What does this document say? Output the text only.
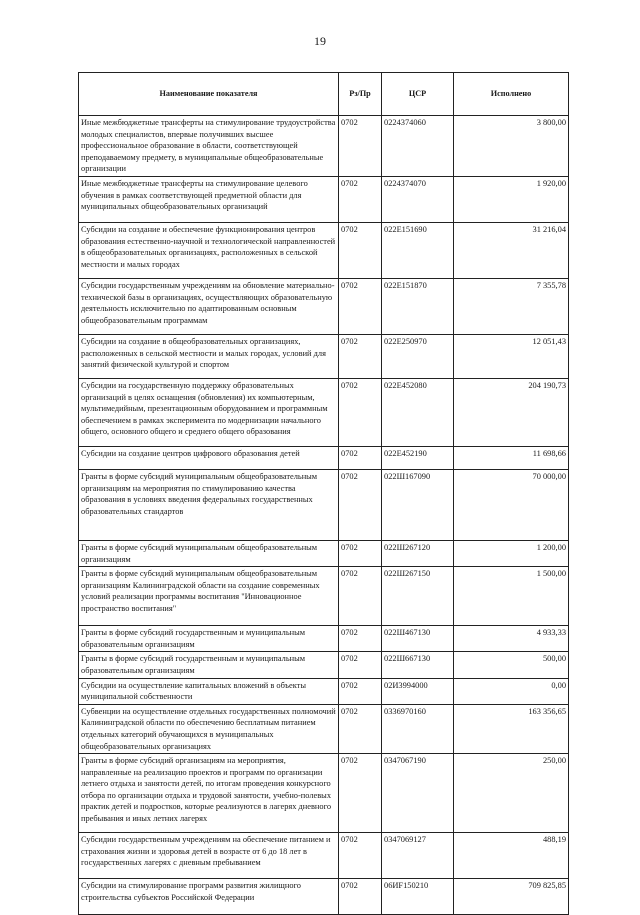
19
Наименование показателя	Рз/Пр	ЦСР	Исполнено
Иные межбюджетные трансферты на стимулирование трудоустройства молодых специалистов, впервые получивших высшее профессиональное образование в области, соответствующей преподаваемому предмету, в муниципальные общеобразовательные организации	0702	0224374060	3 800,00
Иные межбюджетные трансферты на стимулирование целевого обучения в рамках соответствующей предметной области для муниципальных общеобразовательных организаций	0702	0224374070	1 920,00
Субсидии на создание и обеспечение функционирования центров образования естественно-научной и технологической направленностей в общеобразовательных организациях, расположенных в сельской местности и малых городах	0702	022E151690	31 216,04
Субсидии государственным учреждениям на обновление материально-технической базы в организациях, осуществляющих образовательную деятельность исключительно по адаптированным основным общеобразовательным программам	0702	022E151870	7 355,78
Субсидии на создание в общеобразовательных организациях, расположенных в сельской местности и малых городах, условий для занятий физической культурой и спортом	0702	022E250970	12 051,43
Субсидии на государственную поддержку образовательных организаций в целях оснащения (обновления) их компьютерным, мультимедийным, презентационным оборудованием и программным обеспечением в рамках эксперимента по модернизации начального общего, основного общего и среднего общего образования	0702	022E452080	204 190,73
Субсидии на создание центров цифрового образования детей	0702	022E452190	11 698,66
Гранты в форме субсидий муниципальным общеобразовательным организациям на мероприятия по стимулированию качества образования в условиях введения федеральных государственных образовательных стандартов	0702	022Ш167090	70 000,00
Гранты в форме субсидий муниципальным общеобразовательным организациям	0702	022Ш267120	1 200,00
Гранты в форме субсидий муниципальным общеобразовательным организациям Калининградской области на создание современных условий реализации программы воспитания "Инновационное пространство воспитания"	0702	022Ш267150	1 500,00
Гранты в форме субсидий государственным и муниципальным образовательным организациям	0702	022Ш467130	4 933,33
Гранты в форме субсидий государственным и муниципальным образовательным организациям	0702	022Ш667130	500,00
Субсидии на осуществление капитальных вложений в объекты муниципальной собственности	0702	02И3994000	0,00
Субвенции на осуществление отдельных государственных полномочий Калининградской области по обеспечению бесплатным питанием отдельных категорий обучающихся в муниципальных общеобразовательных организациях	0702	0336970160	163 356,65
Гранты в форме субсидий организациям на мероприятия, направленные на реализацию проектов и программ по организации летнего отдыха и занятости детей, по итогам проведения конкурсного отбора по организации отдыха и трудовой занятости, учебно-полевых практик детей и подростков, которые реализуются в лагерях дневного пребывания и иных летних лагерях	0702	0347067190	250,00
Субсидии государственным учреждениям на обеспечение питанием и страхования жизни и здоровья детей в возрасте от 6 до 18 лет в государственных лагерях с дневным пребыванием	0702	0347069127	488,19
Субсидии на стимулирование программ развития жилищного строительства субъектов Российской Федерации	0702	06ИF150210	709 825,85
